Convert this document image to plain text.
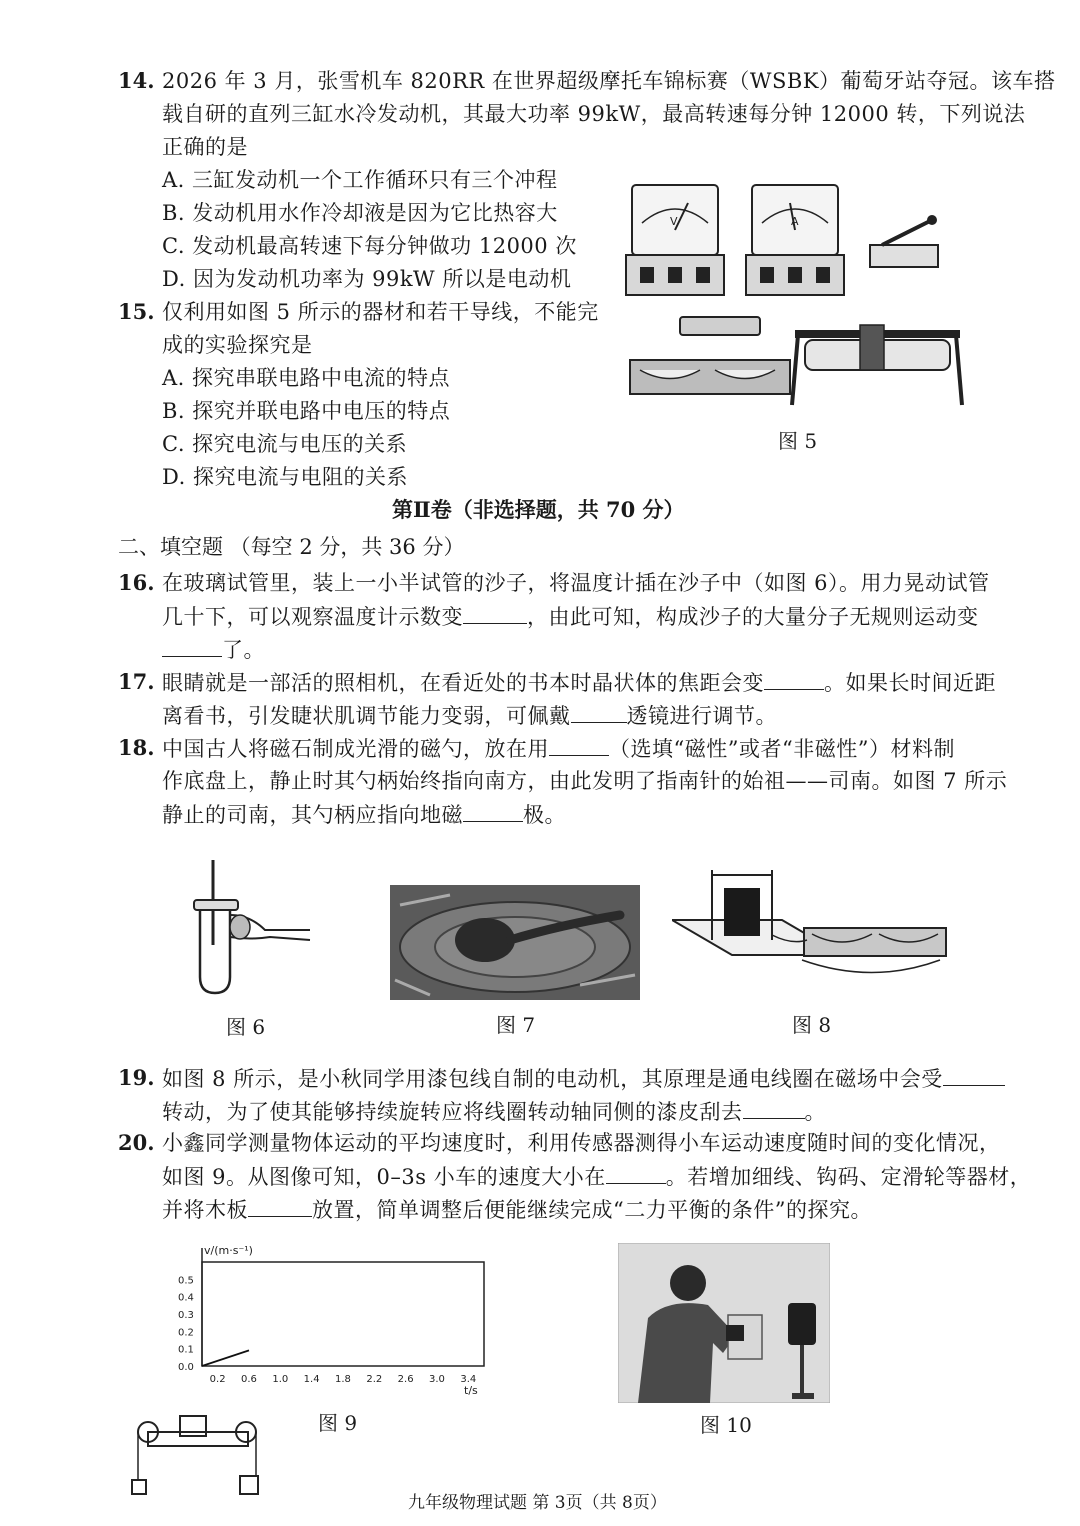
14. 2026 年 3 月，张雪机车 820RR 在世界超级摩托车锦标赛（WSBK）葡萄牙站夺冠。该车搭
载自研的直列三缸水冷发动机，其最大功率 99kW，最高转速每分钟 12000 转，下列说法
正确的是
A. 三缸发动机一个工作循环只有三个冲程
B. 发动机用水作冷却液是因为它比热容大
C. 发动机最高转速下每分钟做功 12000 次
D. 因为发动机功率为 99kW 所以是电动机
V	A
图 5
15. 仅利用如图 5 所示的器材和若干导线，不能完
成的实验探究是
A. 探究串联电路中电流的特点
B. 探究并联电路中电压的特点
C. 探究电流与电压的关系
D. 探究电流与电阻的关系
第Ⅱ卷（非选择题，共 70 分）
二、填空题 （每空 2 分，共 36 分）
16. 在玻璃试管里，装上一小半试管的沙子，将温度计插在沙子中（如图 6）。用力晃动试管
几十下，可以观察温度计示数变	，由此可知，构成沙子的大量分子无规则运动变
了。
17. 眼睛就是一部活的照相机，在看近处的书本时晶状体的焦距会变	。如果长时间近距
离看书，引发睫状肌调节能力变弱，可佩戴	透镜进行调节。
18. 中国古人将磁石制成光滑的磁勺，放在用	（选填“磁性”或者“非磁性”）材料制
作底盘上，静止时其勺柄始终指向南方，由此发明了指南针的始祖——司南。如图 7 所示
静止的司南，其勺柄应指向地磁	极。
图 6	图 7	图 8
19. 如图 8 所示，是小秋同学用漆包线自制的电动机，其原理是通电线圈在磁场中会受
转动，为了使其能够持续旋转应将线圈转动轴同侧的漆皮刮去	。
20. 小鑫同学测量物体运动的平均速度时，利用传感器测得小车运动速度随时间的变化情况，
如图 9。从图像可知，0–3s 小车的速度大小在	。若增加细线、钩码、定滑轮等器材，
并将木板	放置，简单调整后便能继续完成“二力平衡的条件”的探究。
v/(m·s⁻¹)
t/s
0.0
0.1
0.2
0.3
0.4
0.5
0.2 0.6 1.0 1.4 1.8 2.2 2.6 3.0 3.4
图 9	图 10
九年级物理试题 第 3页（共 8页）
